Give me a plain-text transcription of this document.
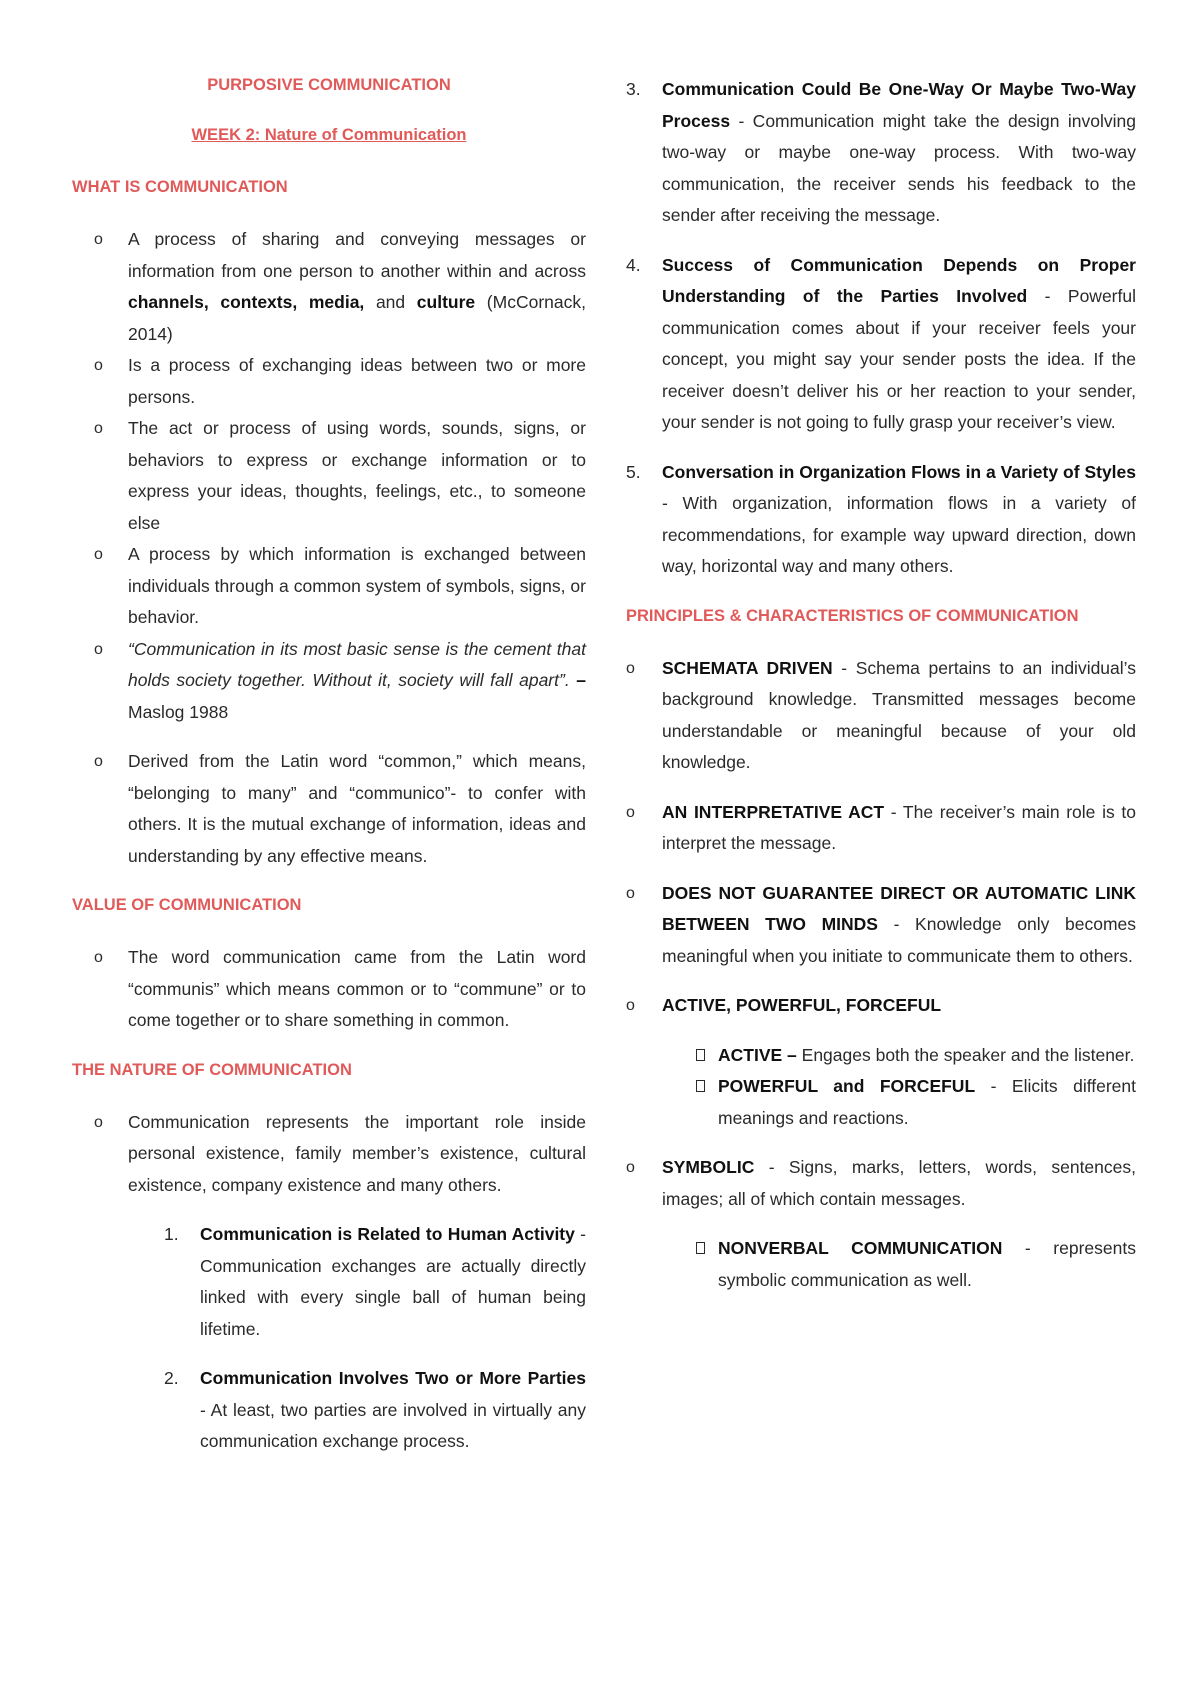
PURPOSIVE COMMUNICATION
WEEK 2: Nature of Communication
WHAT IS COMMUNICATION
o A process of sharing and conveying messages or information from one person to another within and across channels, contexts, media, and culture (McCornack, 2014)
o Is a process of exchanging ideas between two or more persons.
o The act or process of using words, sounds, signs, or behaviors to express or exchange information or to express your ideas, thoughts, feelings, etc., to someone else
o A process by which information is exchanged between individuals through a common system of symbols, signs, or behavior.
o “Communication in its most basic sense is the cement that holds society together. Without it, society will fall apart”. – Maslog 1988
o Derived from the Latin word “common,” which means, “belonging to many” and “communico”- to confer with others. It is the mutual exchange of information, ideas and understanding by any effective means.
VALUE OF COMMUNICATION
o The word communication came from the Latin word “communis” which means common or to “commune” or to come together or to share something in common.
THE NATURE OF COMMUNICATION
o Communication represents the important role inside personal existence, family member’s existence, cultural existence, company existence and many others.
1. Communication is Related to Human Activity - Communication exchanges are actually directly linked with every single ball of human being lifetime.
2. Communication Involves Two or More Parties - At least, two parties are involved in virtually any communication exchange process.
3. Communication Could Be One-Way Or Maybe Two-Way Process - Communication might take the design involving two-way or maybe one-way process. With two-way communication, the receiver sends his feedback to the sender after receiving the message.
4. Success of Communication Depends on Proper Understanding of the Parties Involved - Powerful communication comes about if your receiver feels your concept, you might say your sender posts the idea. If the receiver doesn’t deliver his or her reaction to your sender, your sender is not going to fully grasp your receiver’s view.
5. Conversation in Organization Flows in a Variety of Styles - With organization, information flows in a variety of recommendations, for example way upward direction, down way, horizontal way and many others.
PRINCIPLES & CHARACTERISTICS OF COMMUNICATION
o SCHEMATA DRIVEN - Schema pertains to an individual’s background knowledge. Transmitted messages become understandable or meaningful because of your old knowledge.
o AN INTERPRETATIVE ACT - The receiver’s main role is to interpret the message.
o DOES NOT GUARANTEE DIRECT OR AUTOMATIC LINK BETWEEN TWO MINDS - Knowledge only becomes meaningful when you initiate to communicate them to others.
o ACTIVE, POWERFUL, FORCEFUL
ACTIVE – Engages both the speaker and the listener.
POWERFUL and FORCEFUL - Elicits different meanings and reactions.
o SYMBOLIC - Signs, marks, letters, words, sentences, images; all of which contain messages.
NONVERBAL COMMUNICATION - represents symbolic communication as well.
